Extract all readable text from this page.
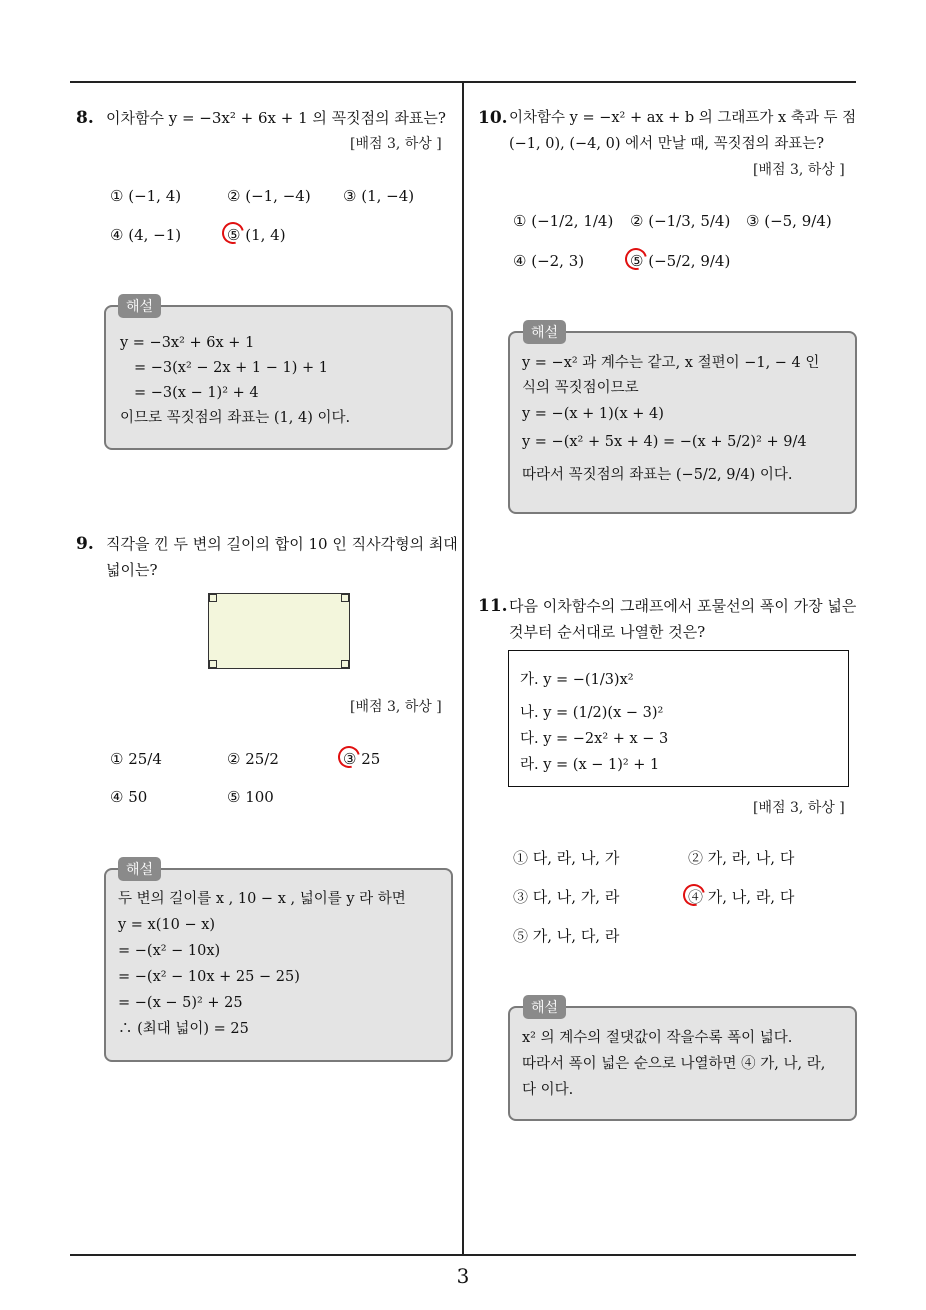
3
8. 이차함수 y = −3x² + 6x + 1 의 꼭짓점의 좌표는?
[배점 3, 하상 ]
① (−1, 4)	② (−1, −4) ③ (1, −4)
④ (4, −1)	⑤ (1, 4)
해설
y = −3x² + 6x + 1
= −3(x² − 2x + 1 − 1) + 1
= −3(x − 1)² + 4
이므로 꼭짓점의 좌표는 (1, 4) 이다.
9. 직각을 낀 두 변의 길이의 합이 10 인 직사각형의 최대
넓이는?
[배점 3, 하상 ]
① 25/4	② 25/2	③ 25
④ 50	⑤ 100
해설
두 변의 길이를 x , 10 − x , 넓이를 y 라 하면
y = x(10 − x)
= −(x² − 10x)
= −(x² − 10x + 25 − 25)
= −(x − 5)² + 25
∴ (최대 넓이) = 25
10. 이차함수 y = −x² + ax + b 의 그래프가 x 축과 두 점
(−1, 0), (−4, 0) 에서 만날 때, 꼭짓점의 좌표는?
[배점 3, 하상 ]
① (−1/2, 1/4) ② (−1/3, 5/4) ③ (−5, 9/4)
④ (−2, 3)	⑤ (−5/2, 9/4)
해설
y = −x² 과 계수는 같고, x 절편이 −1, − 4 인
식의 꼭짓점이므로
y = −(x + 1)(x + 4)
y = −(x² + 5x + 4) = −(x + 5/2)² + 9/4
따라서 꼭짓점의 좌표는 (−5/2, 9/4) 이다.
11. 다음 이차함수의 그래프에서 포물선의 폭이 가장 넓은
것부터 순서대로 나열한 것은?
가. y = −(1/3)x²
나. y = (1/2)(x − 3)²
다. y = −2x² + x − 3
라. y = (x − 1)² + 1
[배점 3, 하상 ]
① 다, 라, 나, 가	② 가, 라, 나, 다
③ 다, 나, 가, 라	④ 가, 나, 라, 다
⑤ 가, 나, 다, 라
해설
x² 의 계수의 절댓값이 작을수록 폭이 넓다.
따라서 폭이 넓은 순으로 나열하면 ④ 가, 나, 라,
다 이다.
